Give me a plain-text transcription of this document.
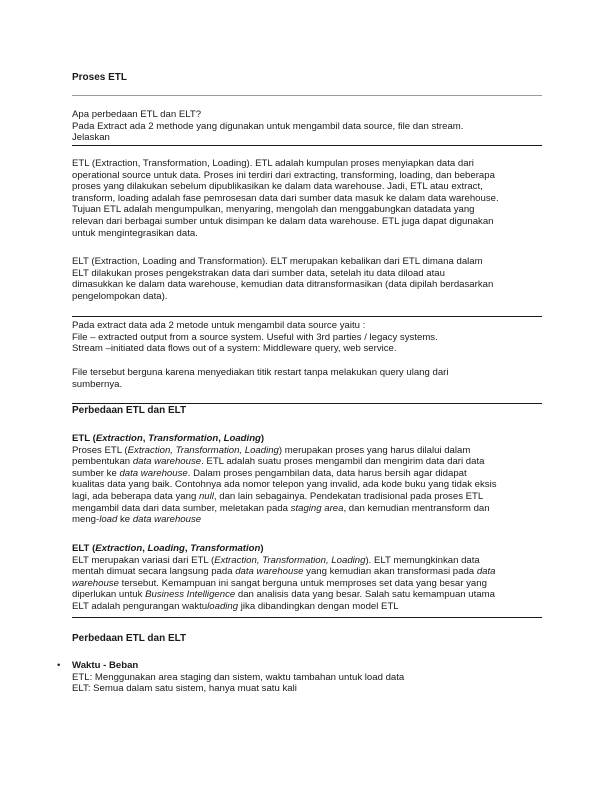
Proses ETL

Apa perbedaan ETL dan ELT?

Pada Extract ada 2 methode yang digunakan untuk mengambil data source, file dan stream.

Jelaskan

ETL (Extraction, Transformation, Loading). ETL adalah kumpulan proses menyiapkan data dari

operational source untuk data. Proses ini terdiri dari extracting, transforming, loading, dan beberapa

proses yang dilakukan sebelum dipublikasikan ke dalam data warehouse. Jadi, ETL atau extract,

transform, loading adalah fase pemrosesan data dari sumber data masuk ke dalam data warehouse.

Tujuan ETL adalah mengumpulkan, menyaring, mengolah dan menggabungkan datadata yang

relevan dari berbagai sumber untuk disimpan ke dalam data warehouse. ETL juga dapat digunakan

untuk mengintegrasikan data.

ELT (Extraction, Loading and Transformation). ELT merupakan kebalikan dari ETL dimana dalam

ELT dilakukan proses pengekstrakan data dari sumber data, setelah itu data diload atau

dimasukkan ke dalam data warehouse, kemudian data ditransformasikan (data dipilah berdasarkan

pengelompokan data).

Pada extract data ada 2 metode untuk mengambil data source yaitu :

File – extracted output from a source system. Useful with 3rd parties / legacy systems.

Stream –initiated data flows out of a system: Middleware query, web service.

File tersebut berguna karena menyediakan titik restart tanpa melakukan query ulang dari

sumbernya.

Perbedaan ETL dan ELT

ETL (Extraction, Transformation, Loading)

Proses ETL (Extraction, Transformation, Loading) merupakan proses yang harus dilalui dalam

pembentukan data warehouse. ETL adalah suatu proses mengambil dan mengirim data dari data

sumber ke data warehouse. Dalam proses pengambilan data, data harus bersih agar didapat

kualitas data yang baik. Contohnya ada nomor telepon yang invalid, ada kode buku yang tidak eksis

lagi, ada beberapa data yang null, dan lain sebagainya. Pendekatan tradisional pada proses ETL

mengambil data dari data sumber, meletakan pada staging area, dan kemudian mentransform dan

meng-load ke data warehouse

ELT (Extraction, Loading, Transformation)

ELT merupakan variasi dari ETL (Extraction, Transformation, Loading). ELT memungkinkan data

mentah dimuat secara langsung pada data warehouse yang kemudian akan transformasi pada data

warehouse tersebut. Kemampuan ini sangat berguna untuk memproses set data yang besar yang

diperlukan untuk Business Intelligence dan analisis data yang besar. Salah satu kemampuan utama

ELT adalah pengurangan waktuloading jika dibandingkan dengan model ETL

Perbedaan ETL dan ELT
• Waktu - Beban

ETL: Menggunakan area staging dan sistem, waktu tambahan untuk load data

ELT: Semua dalam satu sistem, hanya muat satu kali
